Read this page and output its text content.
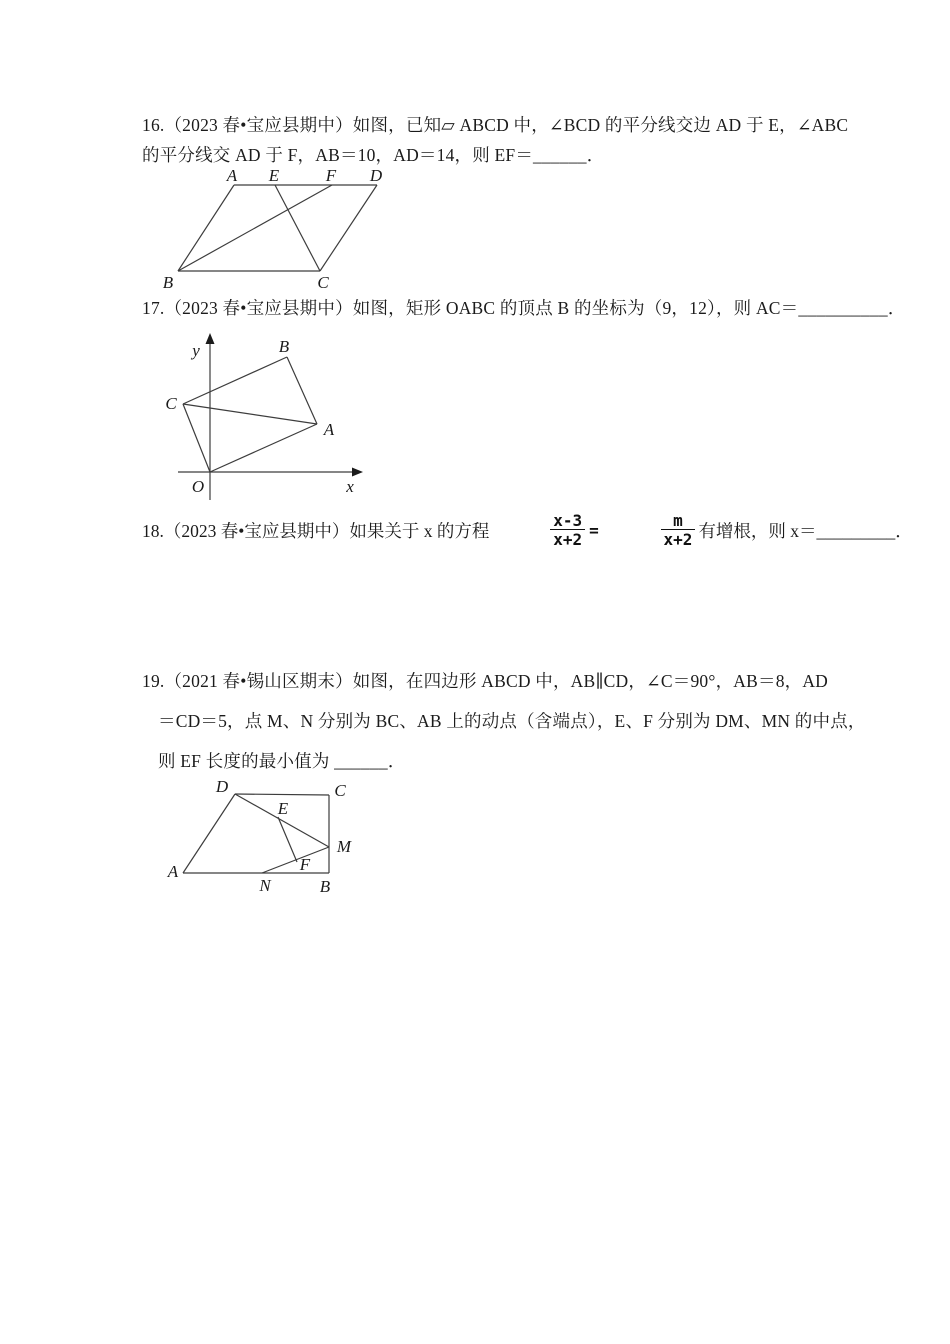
16.（2023 春•宝应县期中）如图，已知▱ ABCD 中，∠BCD 的平分线交边 AD 于 E，∠ABC
的平分线交 AD 于 F，AB＝10，AD＝14，则 EF＝______．
A E	F D
B	C
17.（2023 春•宝应县期中）如图，矩形 OABC 的顶点 B 的坐标为（9，12），则 AC＝__________．
y	B
C
A
O	x
18.（2023 春•宝应县期中）如果关于 x 的方程 $\frac{x-3}{x+2}$
= $\frac{m}{x+2}$
有增根，则 x＝_________．
19.（2021 春•锡山区期末）如图，在四边形 ABCD 中，AB∥CD，∠C＝90°，AB＝8，AD
＝CD＝5，点 M、N 分别为 BC、AB 上的动点（含端点），E、F 分别为 DM、MN 的中点，
则 EF 长度的最小值为 ______．
D	C
E
M
A
N
F
B
